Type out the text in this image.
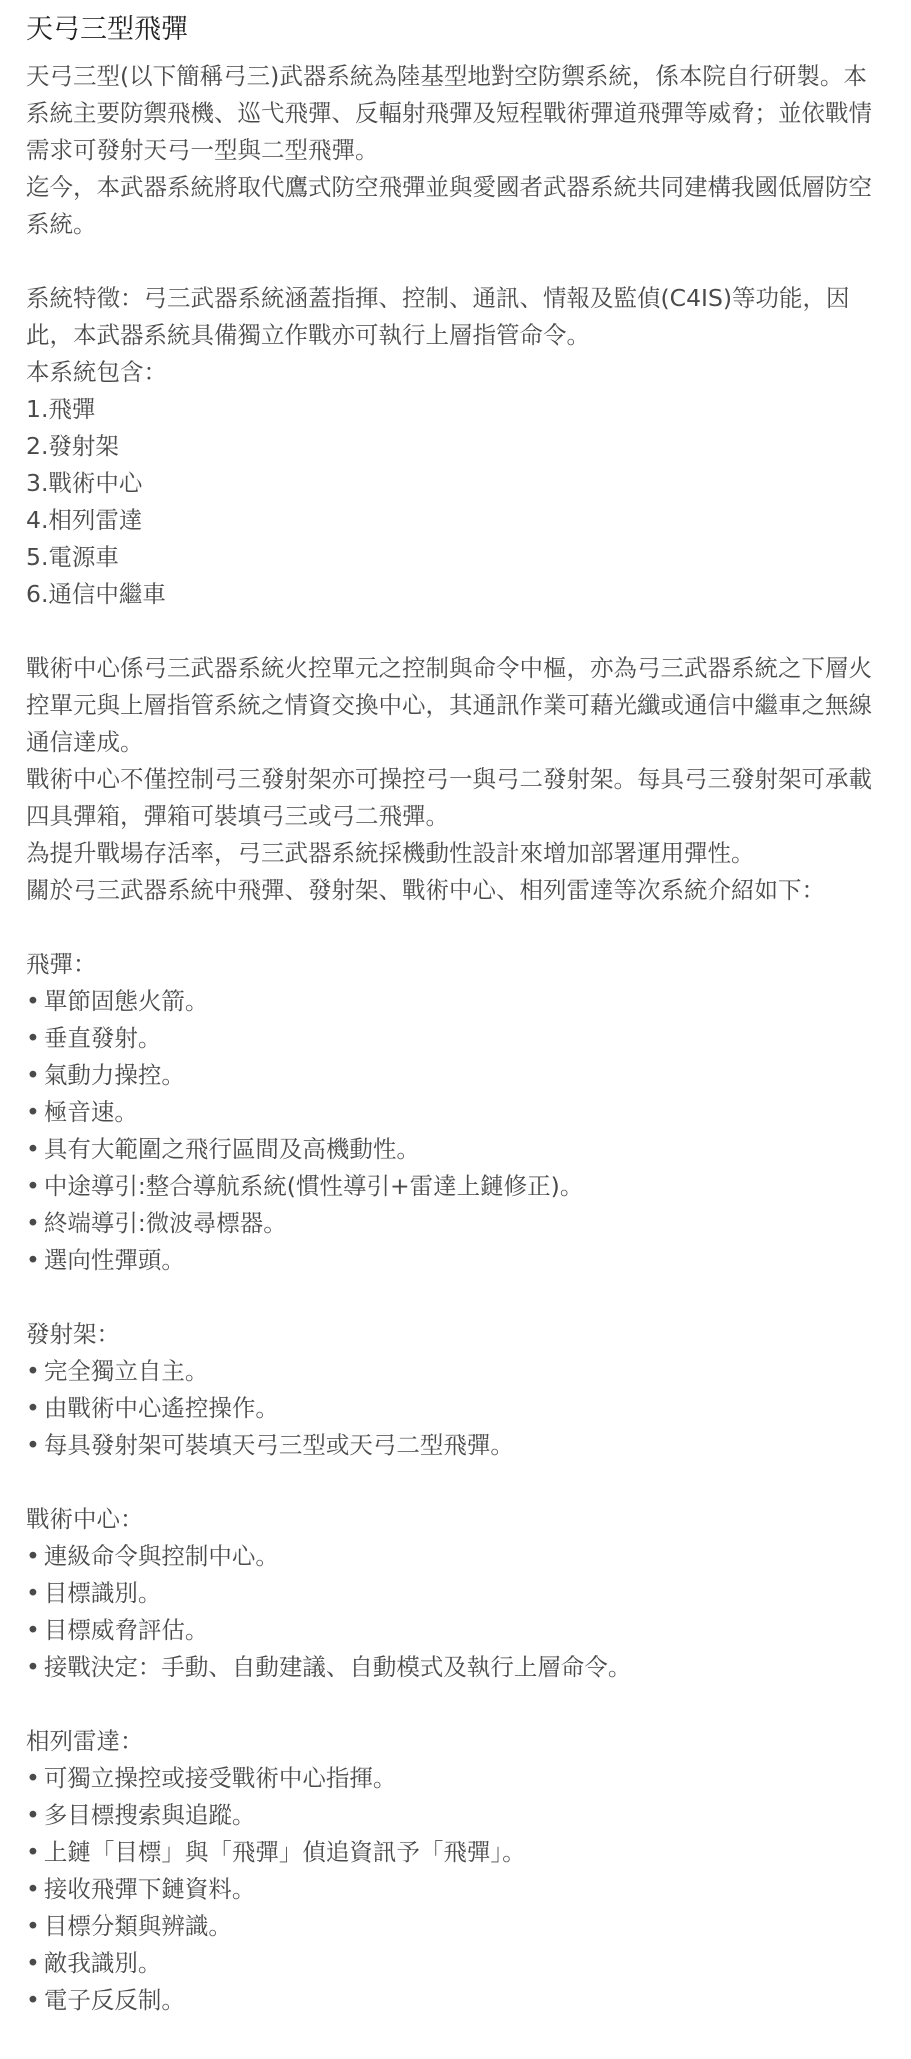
天弓三型飛彈

天弓三型(以下簡稱弓三)武器系統為陸基型地對空防禦系統，係本院自行研製。本系統主要防禦飛機、巡弋飛彈、反輻射飛彈及短程戰術彈道飛彈等威脅；並依戰情需求可發射天弓一型與二型飛彈。

迄今，本武器系統將取代鷹式防空飛彈並與愛國者武器系統共同建構我國低層防空系統。

系統特徵：弓三武器系統涵蓋指揮、控制、通訊、情報及監偵(C4IS)等功能，因此，本武器系統具備獨立作戰亦可執行上層指管命令。

本系統包含：

1.飛彈

2.發射架

3.戰術中心

4.相列雷達

5.電源車

6.通信中繼車

戰術中心係弓三武器系統火控單元之控制與命令中樞，亦為弓三武器系統之下層火控單元與上層指管系統之情資交換中心，其通訊作業可藉光纖或通信中繼車之無線通信達成。

戰術中心不僅控制弓三發射架亦可操控弓一與弓二發射架。每具弓三發射架可承載四具彈箱，彈箱可裝填弓三或弓二飛彈。

為提升戰場存活率，弓三武器系統採機動性設計來增加部署運用彈性。

關於弓三武器系統中飛彈、發射架、戰術中心、相列雷達等次系統介紹如下：

飛彈：

• 單節固態火箭。

• 垂直發射。

• 氣動力操控。

• 極音速。

• 具有大範圍之飛行區間及高機動性。

• 中途導引:整合導航系統(慣性導引+雷達上鏈修正)。

• 終端導引:微波尋標器。

• 選向性彈頭。

發射架：

• 完全獨立自主。

• 由戰術中心遙控操作。

• 每具發射架可裝填天弓三型或天弓二型飛彈。

戰術中心：

• 連級命令與控制中心。

• 目標識別。

• 目標威脅評估。

• 接戰決定：手動、自動建議、自動模式及執行上層命令。

相列雷達：

• 可獨立操控或接受戰術中心指揮。

• 多目標搜索與追蹤。

• 上鏈「目標」與「飛彈」偵追資訊予「飛彈」。

• 接收飛彈下鏈資料。

• 目標分類與辨識。

• 敵我識別。

• 電子反反制。
